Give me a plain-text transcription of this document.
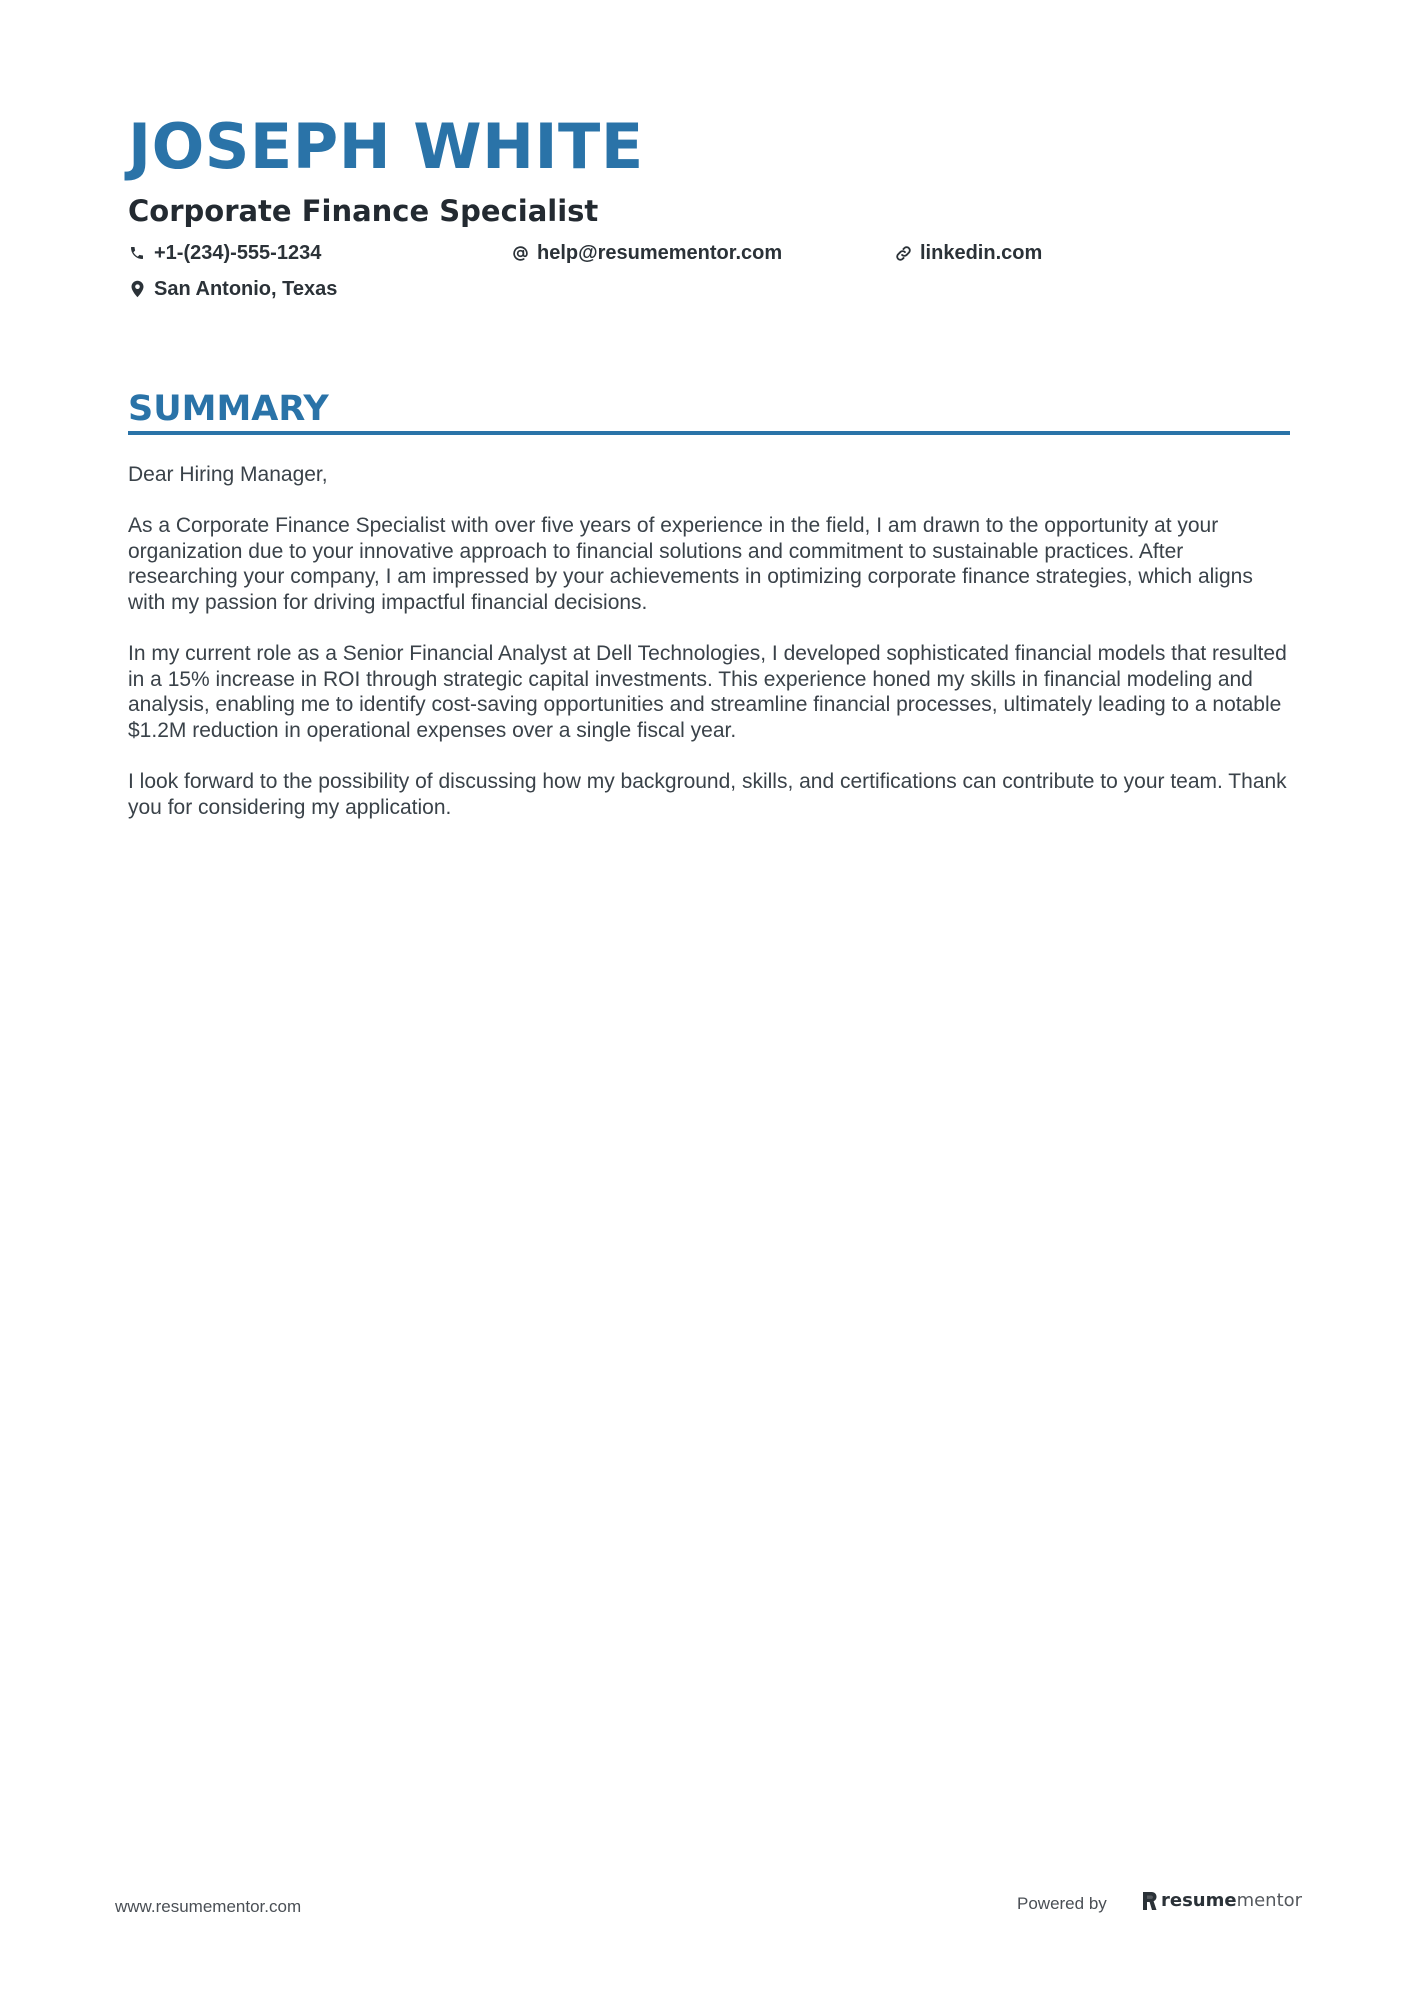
JOSEPH WHITE
Corporate Finance Specialist
+1-(234)-555-1234	help@resumementor.com	linkedin.com
San Antonio, Texas
SUMMARY

Dear Hiring Manager,

As a Corporate Finance Specialist with over five years of experience in the field, I am drawn to the opportunity at your organization due to your innovative approach to financial solutions and commitment to sustainable practices. After researching your company, I am impressed by your achievements in optimizing corporate finance strategies, which aligns with my passion for driving impactful financial decisions.

In my current role as a Senior Financial Analyst at Dell Technologies, I developed sophisticated financial models that resulted in a 15% increase in ROI through strategic capital investments. This experience honed my skills in financial modeling and analysis, enabling me to identify cost-saving opportunities and streamline financial processes, ultimately leading to a notable $1.2M reduction in operational expenses over a single fiscal year.

I look forward to the possibility of discussing how my background, skills, and certifications can contribute to your team. Thank you for considering my application.

www.resumementor.com	Powered by	resume mentor
